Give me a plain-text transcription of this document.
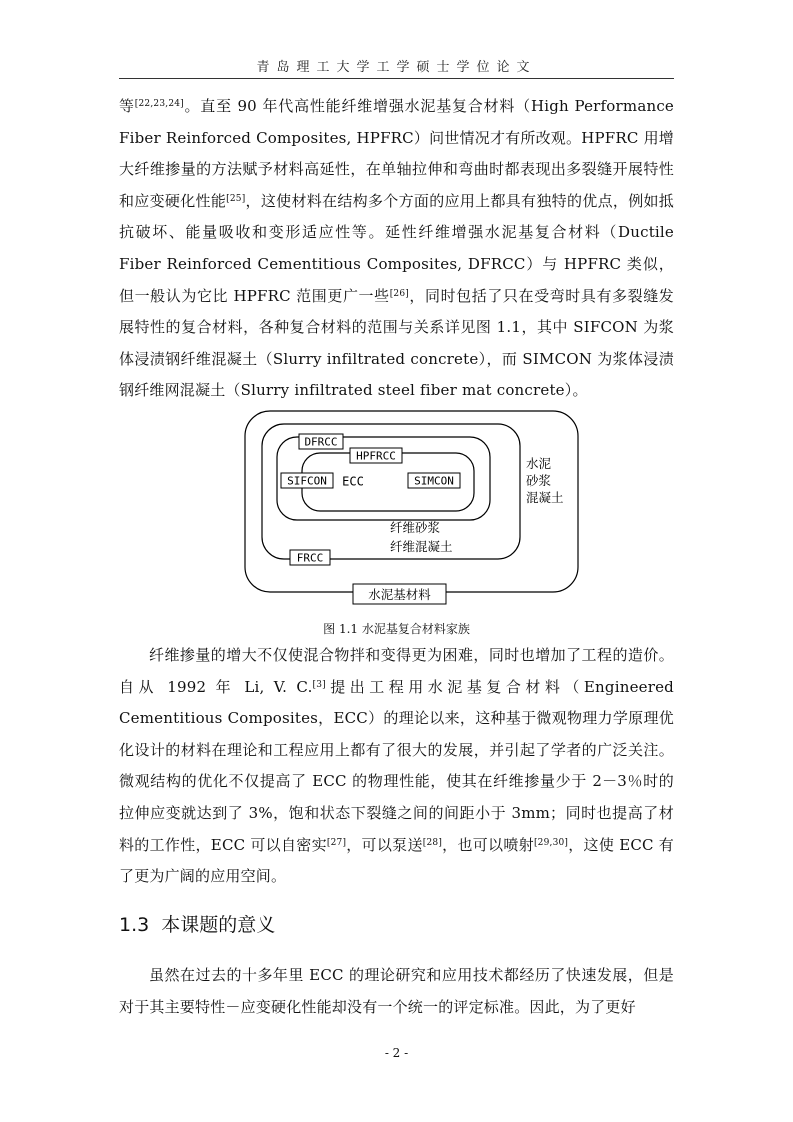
青岛理工大学工学硕士学位论文

等[22,23,24]。直至 90 年代高性能纤维增强水泥基复合材料（High Performance Fiber Reinforced Composites, HPFRC）问世情况才有所改观。HPFRC 用增大纤维掺量的方法赋予材料高延性，在单轴拉伸和弯曲时都表现出多裂缝开展特性和应变硬化性能[25]，这使材料在结构多个方面的应用上都具有独特的优点，例如抵抗破坏、能量吸收和变形适应性等。延性纤维增强水泥基复合材料（Ductile Fiber Reinforced Cementitious Composites, DFRCC）与 HPFRC 类似，但一般认为它比 HPFRC 范围更广一些[26]，同时包括了只在受弯时具有多裂缝发展特性的复合材料，各种复合材料的范围与关系详见图 1.1，其中 SIFCON 为浆体浸渍钢纤维混凝土（Slurry infiltrated concrete），而 SIMCON 为浆体浸渍钢纤维网混凝土（Slurry infiltrated steel fiber mat concrete）。

DFRCC
HPFRCC
SIFCON ECC	SIMCON
水泥
砂浆
混凝土
纤维砂浆
纤维混凝土
FRCC
水泥基材料
图 1.1 水泥基复合材料家族

纤维掺量的增大不仅使混合物拌和变得更为困难，同时也增加了工程的造价。自从 1992 年 Li, V. C.[3]提出工程用水泥基复合材料（Engineered Cementitious Composites，ECC）的理论以来，这种基于微观物理力学原理优化设计的材料在理论和工程应用上都有了很大的发展，并引起了学者的广泛关注。微观结构的优化不仅提高了 ECC 的物理性能，使其在纤维掺量少于 2－3％时的拉伸应变就达到了 3%，饱和状态下裂缝之间的间距小于 3mm；同时也提高了材料的工作性，ECC 可以自密实[27]，可以泵送[28]，也可以喷射[29,30]，这使 ECC 有了更为广阔的应用空间。

1.3 本课题的意义

虽然在过去的十多年里 ECC 的理论研究和应用技术都经历了快速发展，但是对于其主要特性－应变硬化性能却没有一个统一的评定标准。因此，为了更好

- 2 -
